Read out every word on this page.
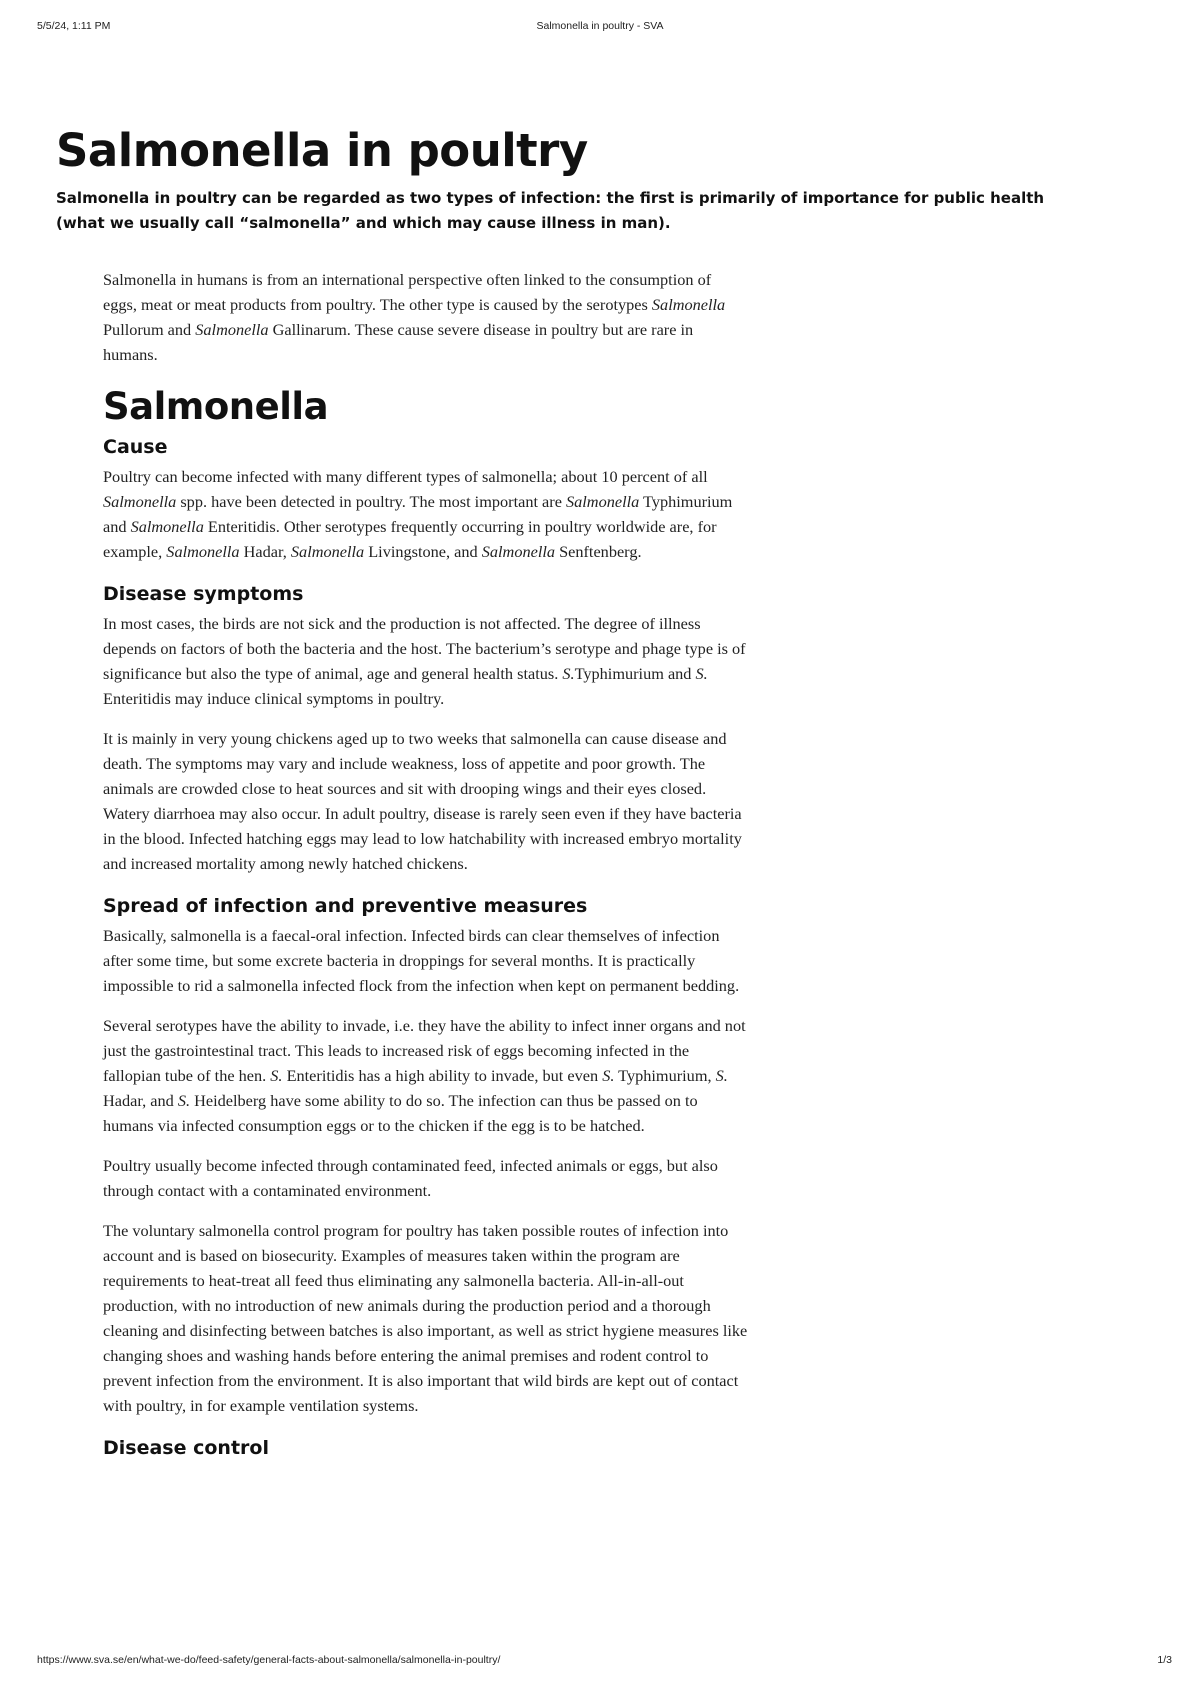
5/5/24, 1:11 PM	Salmonella in poultry - SVA
Salmonella in poultry

Salmonella in poultry can be regarded as two types of infection: the first is primarily of importance for public health (what we usually call “salmonella” and which may cause illness in man).

Salmonella in humans is from an international perspective often linked to the consumption of eggs, meat or meat products from poultry. The other type is caused by the serotypes Salmonella Pullorum and Salmonella Gallinarum. These cause severe disease in poultry but are rare in humans.

Salmonella
Cause

Poultry can become infected with many different types of salmonella; about 10 percent of all Salmonella spp. have been detected in poultry. The most important are Salmonella Typhimurium and Salmonella Enteritidis. Other serotypes frequently occurring in poultry worldwide are, for example, Salmonella Hadar, Salmonella Livingstone, and Salmonella Senftenberg.

Disease symptoms

In most cases, the birds are not sick and the production is not affected. The degree of illness depends on factors of both the bacteria and the host. The bacterium’s serotype and phage type is of significance but also the type of animal, age and general health status. S.Typhimurium and S. Enteritidis may induce clinical symptoms in poultry.

It is mainly in very young chickens aged up to two weeks that salmonella can cause disease and death. The symptoms may vary and include weakness, loss of appetite and poor growth. The animals are crowded close to heat sources and sit with drooping wings and their eyes closed. Watery diarrhoea may also occur. In adult poultry, disease is rarely seen even if they have bacteria in the blood. Infected hatching eggs may lead to low hatchability with increased embryo mortality and increased mortality among newly hatched chickens.

Spread of infection and preventive measures

Basically, salmonella is a faecal-oral infection. Infected birds can clear themselves of infection after some time, but some excrete bacteria in droppings for several months. It is practically impossible to rid a salmonella infected flock from the infection when kept on permanent bedding.

Several serotypes have the ability to invade, i.e. they have the ability to infect inner organs and not just the gastrointestinal tract. This leads to increased risk of eggs becoming infected in the fallopian tube of the hen. S. Enteritidis has a high ability to invade, but even S. Typhimurium, S. Hadar, and S. Heidelberg have some ability to do so. The infection can thus be passed on to humans via infected consumption eggs or to the chicken if the egg is to be hatched.

Poultry usually become infected through contaminated feed, infected animals or eggs, but also through contact with a contaminated environment.

The voluntary salmonella control program for poultry has taken possible routes of infection into account and is based on biosecurity. Examples of measures taken within the program are requirements to heat-treat all feed thus eliminating any salmonella bacteria. All-in-all-out production, with no introduction of new animals during the production period and a thorough cleaning and disinfecting between batches is also important, as well as strict hygiene measures like changing shoes and washing hands before entering the animal premises and rodent control to prevent infection from the environment. It is also important that wild birds are kept out of contact with poultry, in for example ventilation systems.

Disease control
https://www.sva.se/en/what-we-do/feed-safety/general-facts-about-salmonella/salmonella-in-poultry/	1/3
